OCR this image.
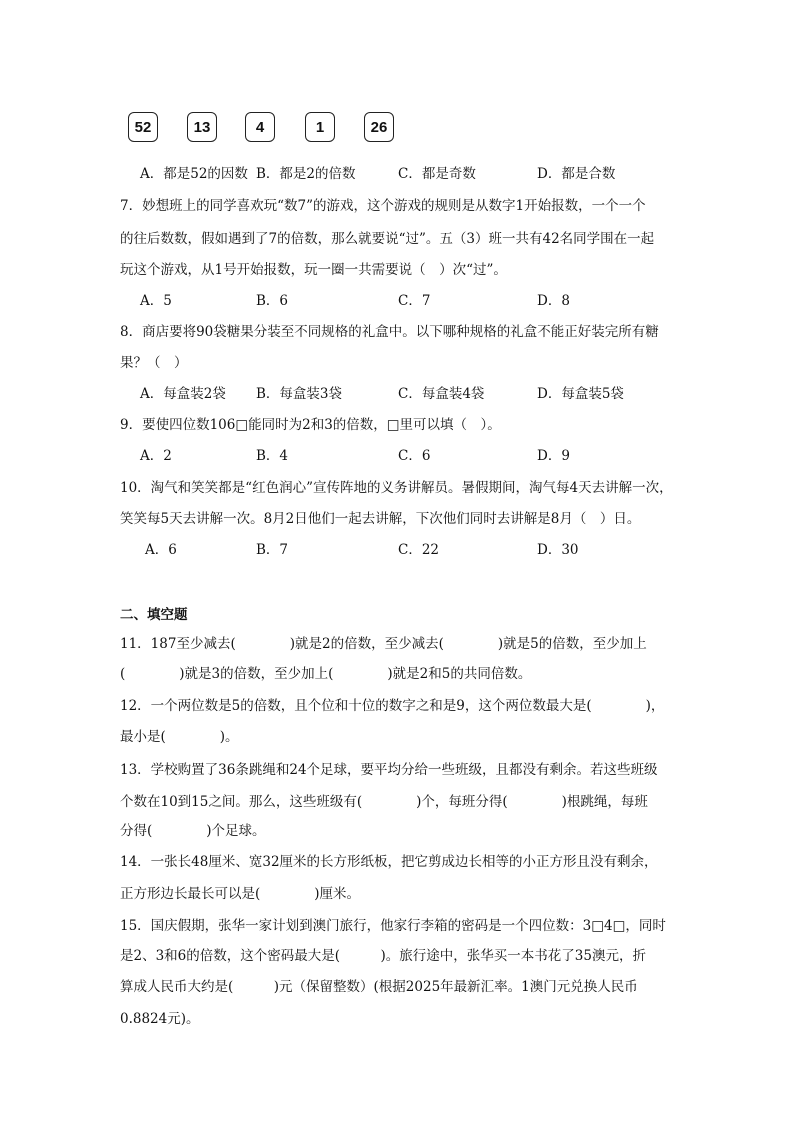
52	13	4	1	26
A．都是52的因数 B．都是2的倍数	C．都是奇数	D．都是合数
7．妙想班上的同学喜欢玩“数7”的游戏，这个游戏的规则是从数字1开始报数，一个一个
的往后数数，假如遇到了7的倍数，那么就要说“过”。五（3）班一共有42名同学围在一起
玩这个游戏，从1号开始报数，玩一圈一共需要说（　）次“过”。
A．5	B．6	C．7	D．8
8．商店要将90袋糖果分装至不同规格的礼盒中。以下哪种规格的礼盒不能正好装完所有糖
果？（　）
A．每盒装2袋 B．每盒装3袋	C．每盒装4袋	D．每盒装5袋
9．要使四位数106□能同时为2和3的倍数，□里可以填（　）。
A．2	B．4	C．6	D．9
10．淘气和笑笑都是“红色润心”宣传阵地的义务讲解员。暑假期间，淘气每4天去讲解一次，
笑笑每5天去讲解一次。8月2日他们一起去讲解，下次他们同时去讲解是8月（　）日。
A．6	B．7	C．22	D．30
二、填空题
11．187至少减去(　　　　)就是2的倍数，至少减去(　　　　)就是5的倍数，至少加上
(　　　　)就是3的倍数，至少加上(　　　　)就是2和5的共同倍数。
12．一个两位数是5的倍数，且个位和十位的数字之和是9，这个两位数最大是(　　　　)，
最小是(　　　　)。
13．学校购置了36条跳绳和24个足球，要平均分给一些班级，且都没有剩余。若这些班级
个数在10到15之间。那么，这些班级有(　　　　)个，每班分得(　　　　)根跳绳，每班
分得(　　　　)个足球。
14．一张长48厘米、宽32厘米的长方形纸板，把它剪成边长相等的小正方形且没有剩余，
正方形边长最长可以是(　　　　)厘米。
15．国庆假期，张华一家计划到澳门旅行，他家行李箱的密码是一个四位数：3□4□，同时
是2、3和6的倍数，这个密码最大是(　　　)。旅行途中，张华买一本书花了35澳元，折
算成人民币大约是(　　　)元（保留整数）(根据2025年最新汇率。1澳门元兑换人民币
0.8824元)。
